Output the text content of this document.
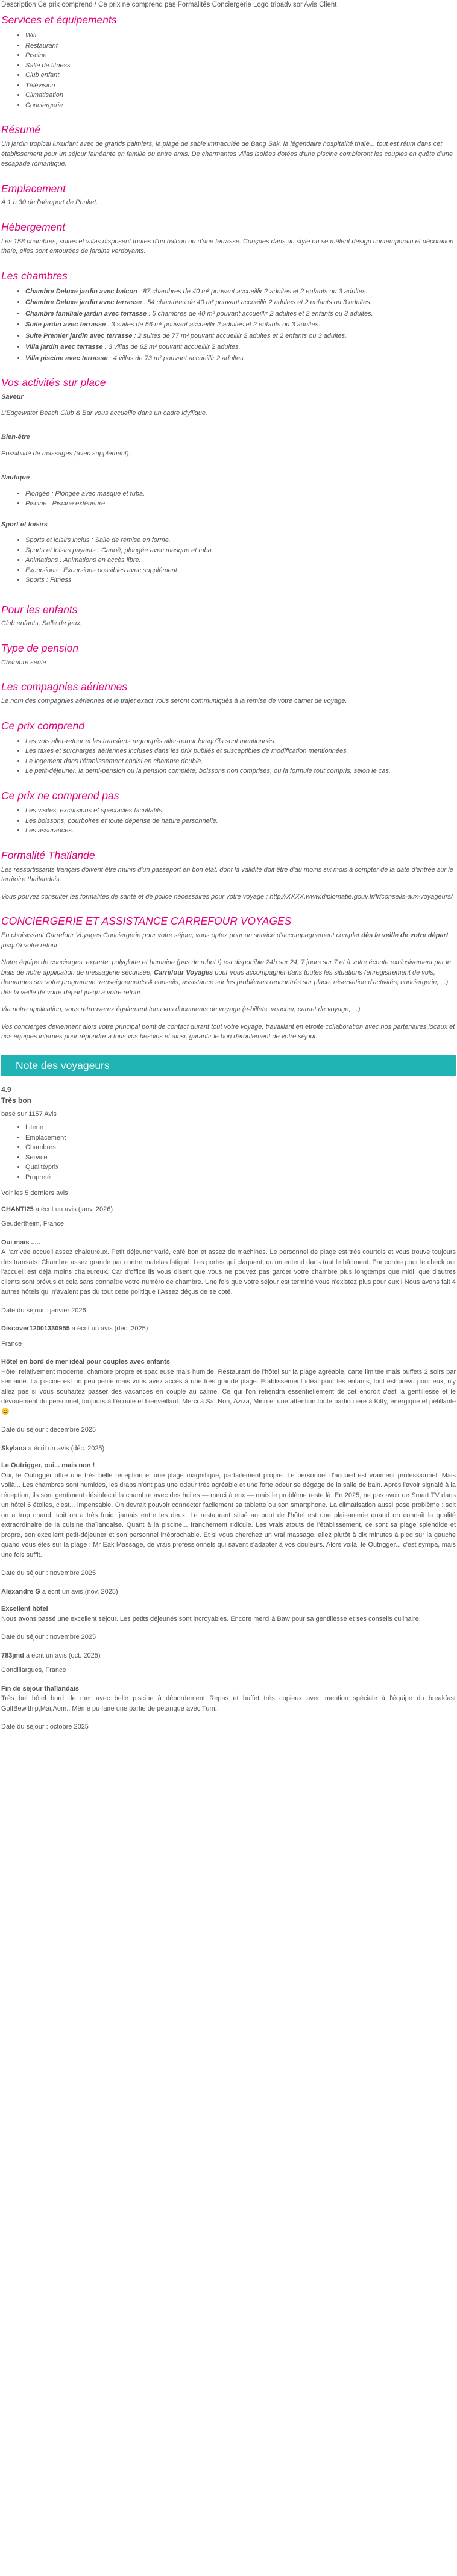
Description Ce prix comprend / Ce prix ne comprend pas Formalités Conciergerie Logo tripadvisor Avis Client
Services et équipements
• Wifi
• Restaurant
• Piscine
• Salle de fitness
• Club enfant
• Télévision
• Climatisation
• Conciergerie
Résumé

Un jardin tropical luxuriant avec de grands palmiers, la plage de sable immaculée de Bang Sak, la légendaire hospitalité thaïe... tout est réuni dans cet établissement pour un séjour fainéante en famille ou entre amis. De charmantes villas isolées dotées d'une piscine combleront les couples en quête d'une escapade romantique.

Emplacement

À 1 h 30 de l'aéroport de Phuket.

Hébergement

Les 158 chambres, suites et villas disposent toutes d'un balcon ou d'une terrasse. Conçues dans un style où se mêlent design contemporain et décoration thaïe, elles sont entourées de jardins verdoyants.

Les chambres
• Chambre Deluxe jardin avec balcon : 87 chambres de 40 m² pouvant accueillir 2 adultes et 2 enfants ou 3 adultes.
• Chambre Deluxe jardin avec terrasse : 54 chambres de 40 m² pouvant accueillir 2 adultes et 2 enfants ou 3 adultes.
• Chambre familiale jardin avec terrasse : 5 chambres de 40 m² pouvant accueillir 2 adultes et 2 enfants ou 3 adultes.
• Suite jardin avec terrasse : 3 suites de 56 m² pouvant accueillir 2 adultes et 2 enfants ou 3 adultes.
• Suite Premier jardin avec terrasse : 2 suites de 77 m² pouvant accueillir 2 adultes et 2 enfants ou 3 adultes.
• Villa jardin avec terrasse : 3 villas de 62 m² pouvant accueillir 2 adultes.
• Villa piscine avec terrasse : 4 villas de 73 m² pouvant accueillir 2 adultes.
Vos activités sur place
Saveur

L'Edgewater Beach Club & Bar vous accueille dans un cadre idyllique.

Bien-être

Possibilité de massages (avec supplément).

Nautique
• Plongée : Plongée avec masque et tuba.
• Piscine : Piscine extérieure
Sport et loisirs
• Sports et loisirs inclus : Salle de remise en forme.
• Sports et loisirs payants : Canoë, plongée avec masque et tuba.
• Animations : Animations en accès libre.
• Excursions : Excursions possibles avec supplément.
• Sports : Fitness
Pour les enfants

Club enfants, Salle de jeux.

Type de pension

Chambre seule

Les compagnies aériennes

Le nom des compagnies aériennes et le trajet exact vous seront communiqués à la remise de votre carnet de voyage.

Ce prix comprend
• Les vols aller-retour et les transferts regroupés aller-retour lorsqu'ils sont mentionnés.
• Les taxes et surcharges aériennes incluses dans les prix publiés et susceptibles de modification mentionnées.
• Le logement dans l'établissement choisi en chambre double.
• Le petit-déjeuner, la demi-pension ou la pension complète, boissons non comprises, ou la formule tout compris, selon le cas.
Ce prix ne comprend pas
• Les visites, excursions et spectacles facultatifs.
• Les boissons, pourboires et toute dépense de nature personnelle.
• Les assurances.
Formalité Thaïlande

Les ressortissants français doivent être munis d'un passeport en bon état, dont la validité doit être d'au moins six mois à compter de la date d'entrée sur le territoire thaïlandais.

Vous pouvez consulter les formalités de santé et de police nécessaires pour votre voyage : http://XXXX.www.diplomatie.gouv.fr/fr/conseils-aux-voyageurs/

CONCIERGERIE ET ASSISTANCE CARREFOUR VOYAGES

En choisissant Carrefour Voyages Conciergerie pour votre séjour, vous optez pour un service d'accompagnement complet dès la veille de votre départ jusqu'à votre retour.

Notre équipe de concierges, experte, polyglotte et humaine (pas de robot !) est disponible 24h sur 24, 7 jours sur 7 et à votre écoute exclusivement par le biais de notre application de messagerie sécurisée, Carrefour Voyages pour vous accompagner dans toutes les situations (enregistrement de vols, demandes sur votre programme, renseignements & conseils, assistance sur les problèmes rencontrés sur place, réservation d'activités, conciergerie, ...) dès la veille de votre départ jusqu'à votre retour.

Via notre application, vous retrouverez également tous vos documents de voyage (e-billets, voucher, carnet de voyage, ...)

Vos concierges deviennent alors votre principal point de contact durant tout votre voyage, travaillant en étroite collaboration avec nos partenaires locaux et nos équipes internes pour répondre à tous vos besoins et ainsi, garantir le bon déroulement de votre séjour.

Note des voyageurs
4.9
Très bon
basé sur 1157 Avis
• Literie
• Emplacement
• Chambres
• Service
• Qualité/prix
• Propreté
Voir les 5 derniers avis
CHANTI25 a écrit un avis (janv. 2026)
Geudertheim, France
Oui mais .....
A l'arrivée accueil assez chaleureux. Petit déjeuner varié, café bon et assez de machines. Le personnel de plage est très courtois et vous trouve toujours des transats. Chambre assez grande par contre matelas fatigué. Les portes qui claquent, qu'on entend dans tout le bâtiment. Par contre pour le check out l'accueil est déjà moins chaleureux. Car d'office ils vous disent que vous ne pouvez pas garder votre chambre plus longtemps que midi, que d'autres clients sont prévus et cela sans connaître votre numéro de chambre. Une fois que votre séjour est terminé vous n'existez plus pour eux ! Nous avons fait 4 autres hôtels qui n'avaient pas du tout cette politique ! Assez déçus de se coté.
Date du séjour : janvier 2026
Discover12001330955 a écrit un avis (déc. 2025)
France
Hôtel en bord de mer idéal pour couples avec enfants
Hôtel relativement moderne, chambre propre et spacieuse mais humide. Restaurant de l'hôtel sur la plage agréable, carte limitée mais buffets 2 soirs par semaine. La piscine est un peu petite mais vous avez accès à une très grande plage. Etablissement idéal pour les enfants, tout est prévu pour eux, n'y allez pas si vous souhaitez passer des vacances en couple au calme. Ce qui l'on retiendra essentiellement de cet endroit c'est la gentillesse et le dévouement du personnel, toujours à l'écoute et bienveillant. Merci à Sa, Non, Aziza, Mirin et une attention toute particulière à Kitty, énergique et pétillante 😊
Date du séjour : décembre 2025
Skylana a écrit un avis (déc. 2025)
Le Outrigger, oui... mais non !
Oui, le Outrigger offre une très belle réception et une plage magnifique, parfaitement propre. Le personnel d'accueil est vraiment professionnel. Mais voilà... Les chambres sont humides, les draps n'ont pas une odeur très agréable et une forte odeur se dégage de la salle de bain. Après l'avoir signalé à la réception, ils sont gentiment désinfecté la chambre avec des huiles — merci à eux — mais le problème reste là. En 2025, ne pas avoir de Smart TV dans un hôtel 5 étoiles, c'est... impensable. On devrait pouvoir connecter facilement sa tablette ou son smartphone. La climatisation aussi pose problème : soit on a trop chaud, soit on a très froid, jamais entre les deux. Le restaurant situé au bout de l'hôtel est une plaisanterie quand on connaît la qualité extraordinaire de la cuisine thaïlandaise. Quant à la piscine... franchement ridicule. Les vrais atouts de l'établissement, ce sont sa plage splendide et propre, son excellent petit-déjeuner et son personnel irréprochable. Et si vous cherchez un vrai massage, allez plutôt à dix minutes à pied sur la gauche quand vous êtes sur la plage : Mr Eak Massage, de vrais professionnels qui savent s'adapter à vos douleurs. Alors voilà, le Outrigger... c'est sympa, mais une fois suffit.
Date du séjour : novembre 2025
Alexandre G a écrit un avis (nov. 2025)
Excellent hôtel
Nous avons passé une excellent séjour. Les petits déjeunés sont incroyables. Encore merci à Baw pour sa gentillesse et ses conseils culinaire.
Date du séjour : novembre 2025
783jmd a écrit un avis (oct. 2025)
Condillargues, France
Fin de séjour thaïlandais
Très bel hôtel bord de mer avec belle piscine à débordement Repas et buffet très copieux avec mention spéciale à l'équipe du breakfast GolfBew,thip,Mai,Aom.. Même pu faire une partie de pétanque avec Tum..
Date du séjour : octobre 2025
